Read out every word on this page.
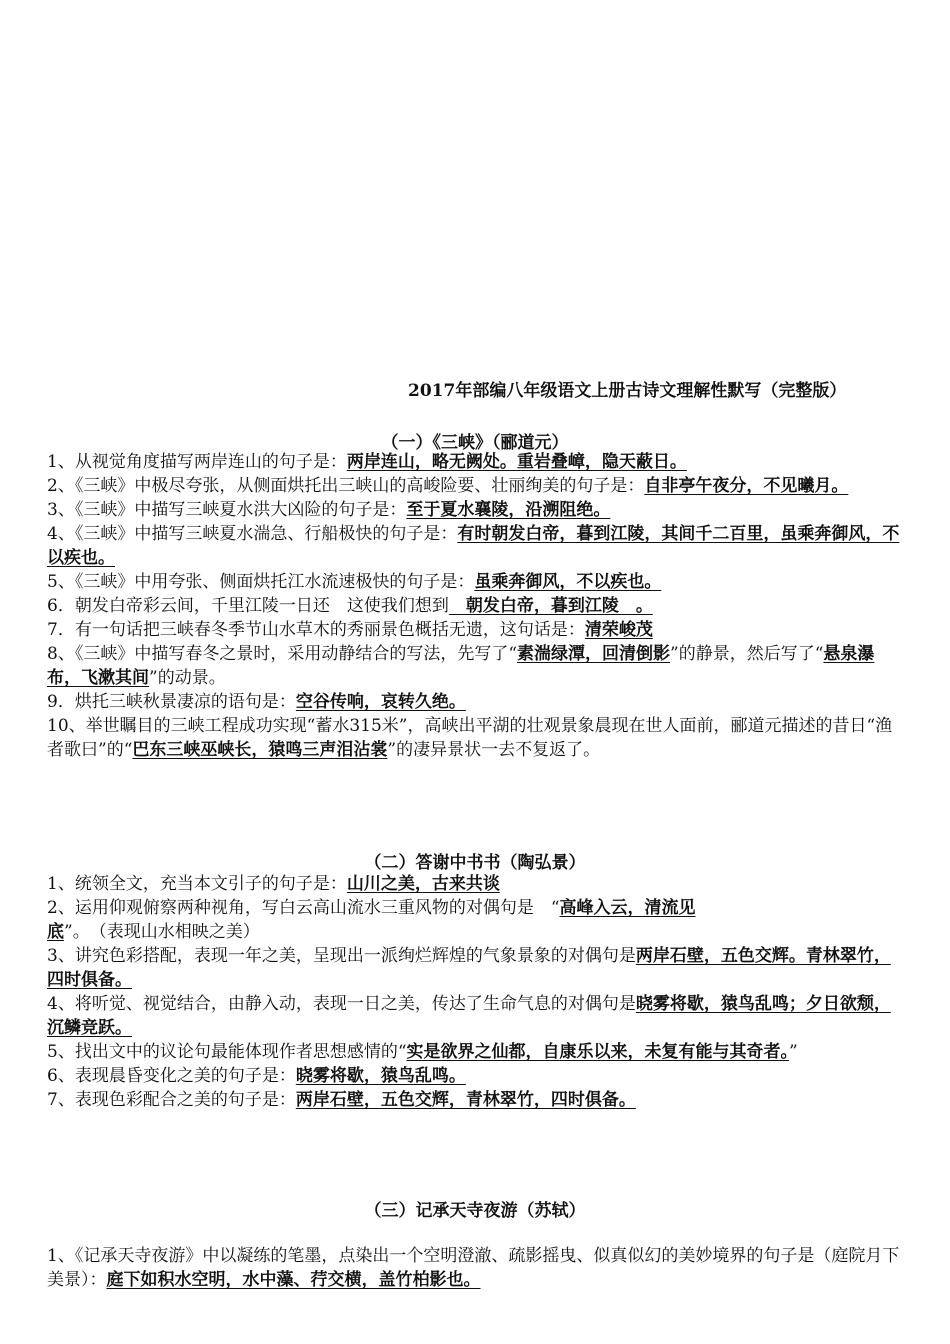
2017年部编八年级语文上册古诗文理解性默写（完整版）
（一）《三峡》（郦道元）

1、从视觉角度描写两岸连山的句子是：两岸连山，略无阙处。重岩叠嶂，隐天蔽日。

2、《三峡》中极尽夸张，从侧面烘托出三峡山的高峻险要、壮丽绚美的句子是：自非亭午夜分，不见曦月。

3、《三峡》中描写三峡夏水洪大凶险的句子是：至于夏水襄陵，沿溯阻绝。

4、《三峡》中描写三峡夏水湍急、行船极快的句子是：有时朝发白帝，暮到江陵，其间千二百里，虽乘奔御风，不以疾也。

5、《三峡》中用夸张、侧面烘托江水流速极快的句子是：虽乘奔御风，不以疾也。

6．朝发白帝彩云间，千里江陵一日还　这使我们想到　朝发白帝，暮到江陵　。

7．有一句话把三峡春冬季节山水草木的秀丽景色概括无遗，这句话是：清荣峻茂

8、《三峡》中描写春冬之景时，采用动静结合的写法，先写了“素湍绿潭，回清倒影”的静景，然后写了“悬泉瀑布，飞漱其间”的动景。

9．烘托三峡秋景凄凉的语句是：空谷传响，哀转久绝。

10、举世瞩目的三峡工程成功实现“蓄水315米”，高峡出平湖的壮观景象晨现在世人面前，郦道元描述的昔日“渔者歌曰”的“巴东三峡巫峡长，猿鸣三声泪沾裳”的凄异景状一去不复返了。

（二）答谢中书书（陶弘景）

1、统领全文，充当本文引子的句子是：山川之美，古来共谈

2、运用仰观俯察两种视角，写白云高山流水三重风物的对偶句是　“高峰入云，清流见底”。　（表现山水相映之美）

3、讲究色彩搭配，表现一年之美，呈现出一派绚烂辉煌的气象景象的对偶句是两岸石壁，五色交辉。青林翠竹，四时俱备。

4、将听觉、视觉结合，由静入动，表现一日之美，传达了生命气息的对偶句是晓雾将歇，猿鸟乱鸣；夕日欲颓，沉鳞竞跃。

5、找出文中的议论句最能体现作者思想感情的“实是欲界之仙都，自康乐以来，未复有能与其奇者。”

6、表现晨昏变化之美的句子是：晓雾将歇，猿鸟乱鸣。

7、表现色彩配合之美的句子是：两岸石壁，五色交辉，青林翠竹，四时俱备。

（三）记承天寺夜游（苏轼）

1、《记承天寺夜游》中以凝练的笔墨，点染出一个空明澄澈、疏影摇曳、似真似幻的美妙境界的句子是（庭院月下美景）：庭下如积水空明，水中藻、荇交横，盖竹柏影也。
